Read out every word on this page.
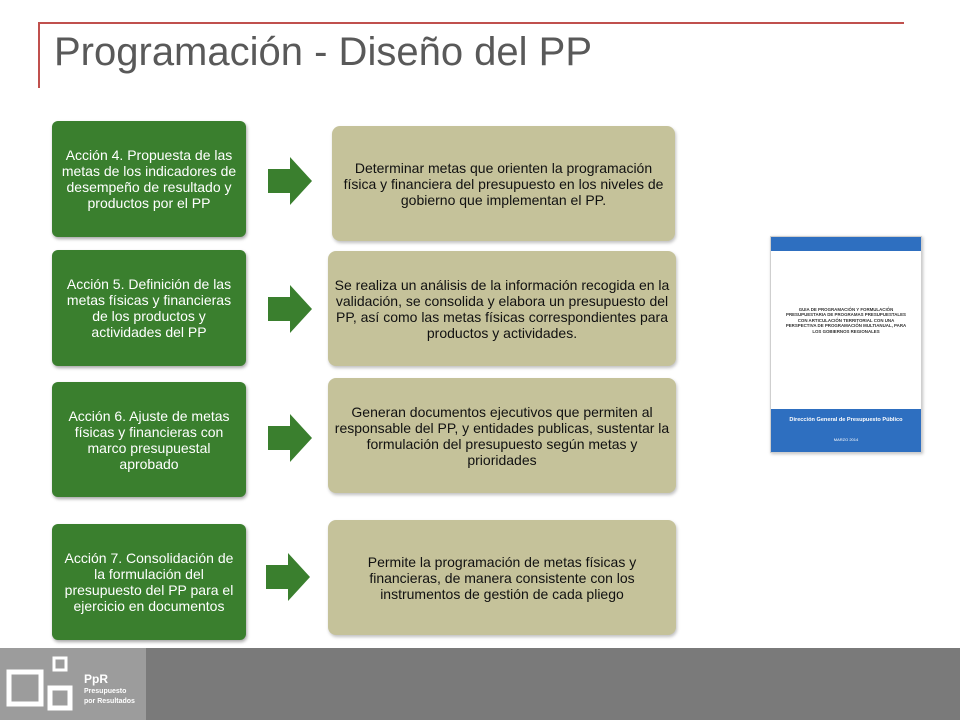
Programación - Diseño del PP
Acción 4. Propuesta de las metas de los indicadores de desempeño de resultado y productos por el PP
Determinar metas que orienten la programación física y financiera del presupuesto en los niveles de gobierno que implementan el PP.
Acción 5. Definición de las metas físicas y financieras de los productos y actividades del PP
Se realiza un análisis de la información recogida en la validación, se consolida y elabora un presupuesto del PP, así como las metas físicas correspondientes para productos y actividades.
Acción 6. Ajuste de metas físicas y financieras con marco presupuestal aprobado
Generan documentos ejecutivos que permiten al responsable del PP, y entidades publicas, sustentar la formulación del presupuesto según metas y prioridades
Acción 7. Consolidación de la formulación del presupuesto del PP para el ejercicio en documentos
Permite la programación de metas físicas y financieras, de manera consistente con los instrumentos de gestión de cada pliego
GUIA DE PROGRAMACIÓN Y FORMULACIÓN PRESUPUESTARIA DE PROGRAMAS PRESUPUESTALES CON ARTICULACIÓN TERRITORIAL CON UNA PERSPECTIVA DE PROGRAMACIÓN MULTIANUAL, PARA LOS GOBIERNOS REGIONALES
Dirección General de Presupuesto Público
MARZO 2014
PpR
Presupuesto
por Resultados
